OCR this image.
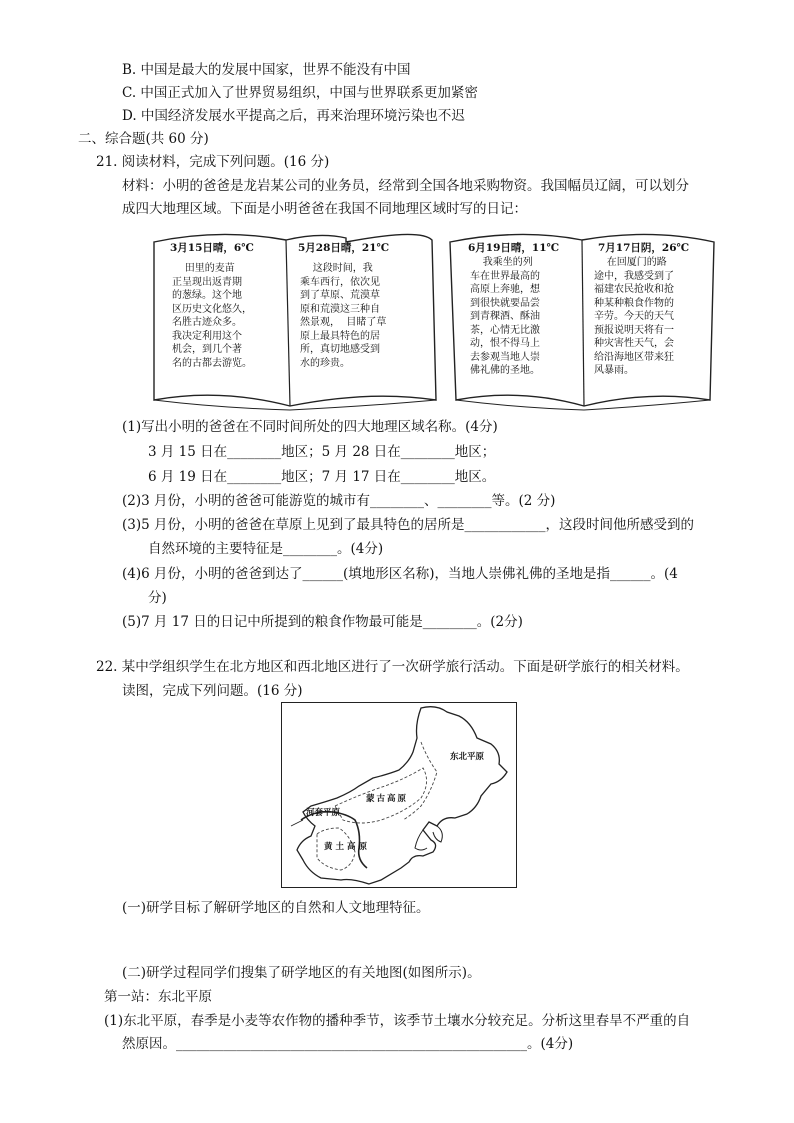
B. 中国是最大的发展中国家，世界不能没有中国
C. 中国正式加入了世界贸易组织，中国与世界联系更加紧密
D. 中国经济发展水平提高之后，再来治理环境污染也不迟
二、综合题(共 60 分)
21. 阅读材料，完成下列问题。(16 分)
材料：小明的爸爸是龙岩某公司的业务员，经常到全国各地采购物资。我国幅员辽阔，可以划分
成四大地理区域。下面是小明爸爸在我国不同地理区域时写的日记：
3月15日晴，6℃
田里的麦苗
正呈现出返青期
的葱绿。这个地
区历史文化悠久，
名胜古迹众多。
我决定利用这个
机会，到几个著
名的古都去游览。
5月28日晴，21℃
这段时间，我
乘车西行，依次见
到了草原、荒漠草
原和荒漠这三种自
然景观，  目睹了草
原上最具特色的居
所，真切地感受到
水的珍贵。
6月19日晴，11℃
我乘坐的列
车在世界最高的
高原上奔驰，想
到很快就要品尝
到青稞酒、酥油
茶，心情无比激
动，恨不得马上
去参观当地人崇
佛礼佛的圣地。
7月17日阴，26℃
在回厦门的路
途中，我感受到了
福建农民抢收和抢
种某种粮食作物的
辛劳。今天的天气
预报说明天将有一
种灾害性天气，会
给沿海地区带来狂
风暴雨。
(1)写出小明的爸爸在不同时间所处的四大地理区域名称。(4分)
3 月 15 日在________地区；5 月 28 日在________地区；
6 月 19 日在________地区；7 月 17 日在________地区。
(2)3 月份，小明的爸爸可能游览的城市有________、________等。(2 分)
(3)5 月份，小明的爸爸在草原上见到了最具特色的居所是____________，这段时间他所感受到的
自然环境的主要特征是________。(4分)
(4)6 月份，小明的爸爸到达了______(填地形区名称)，当地人崇佛礼佛的圣地是指______。(4
分)
(5)7 月 17 日的日记中所提到的粮食作物最可能是________。(2分)
22. 某中学组织学生在北方地区和西北地区进行了一次研学旅行活动。下面是研学旅行的相关材料。
读图，完成下列问题。(16 分)
东北平原
河套平原
蒙古高原
黄土高原
(一)研学目标了解研学地区的自然和人文地理特征。
(二)研学过程同学们搜集了研学地区的有关地图(如图所示)。
第一站：东北平原
(1)东北平原，春季是小麦等农作物的播种季节，该季节土壤水分较充足。分析这里春旱不严重的自
然原因。____________________________________________________。(4分)
